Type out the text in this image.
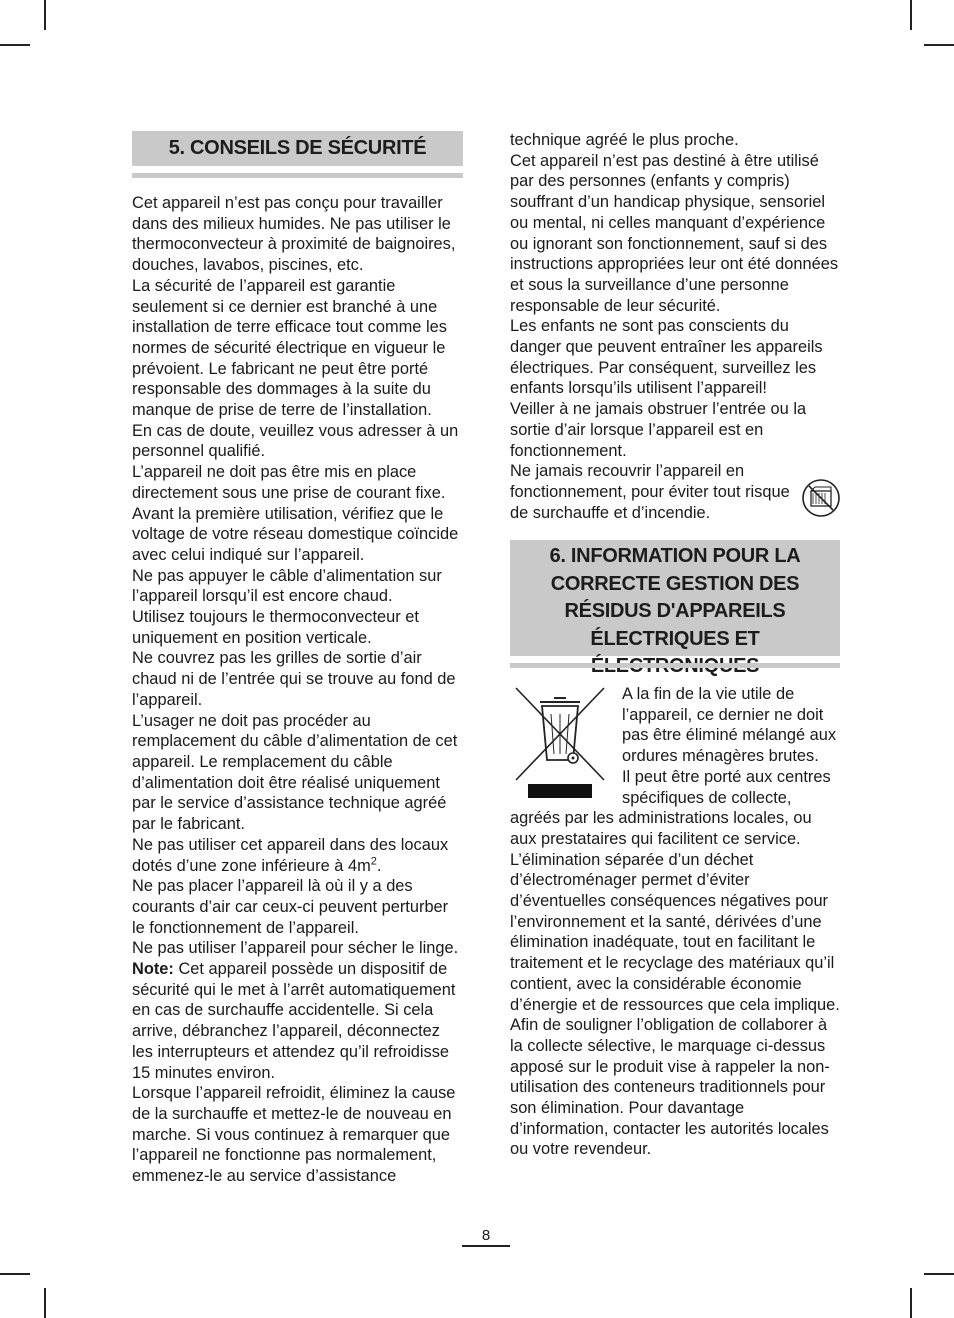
5. CONSEILS DE SÉCURITÉ

Cet appareil n’est pas conçu pour travailler dans des milieux humides. Ne pas utiliser le thermoconvecteur à proximité de baignoires, douches, lavabos, piscines, etc.

La sécurité de l’appareil est garantie seulement si ce dernier est branché à une installation de terre efficace tout comme les normes de sécurité électrique en vigueur le prévoient. Le fabricant ne peut être porté responsable des dommages à la suite du manque de prise de terre de l’installation.

En cas de doute, veuillez vous adresser à un personnel qualifié.

L’appareil ne doit pas être mis en place directement sous une prise de courant fixe.

Avant la première utilisation, vérifiez que le voltage de votre réseau domestique coïncide avec celui indiqué sur l’appareil.

Ne pas appuyer le câble d’alimentation sur l’appareil lorsqu’il est encore chaud.

Utilisez toujours le thermoconvecteur et uniquement en position verticale.

Ne couvrez pas les grilles de sortie d’air chaud ni de l’entrée qui se trouve au fond de l’appareil.

L’usager ne doit pas procéder au remplacement du câble d’alimentation de cet appareil. Le remplacement du câble d’alimentation doit être réalisé uniquement par le service d’assistance technique agréé par le fabricant.

Ne pas utiliser cet appareil dans des locaux dotés d’une zone inférieure à $4m^2$.

Ne pas placer l’appareil là où il y a des courants d’air car ceux-ci peuvent perturber le fonctionnement de l’appareil.

Ne pas utiliser l’appareil pour sécher le linge.

Note: Cet appareil possède un dispositif de sécurité qui le met à l’arrêt automatiquement en cas de surchauffe accidentelle. Si cela arrive, débranchez l’appareil, déconnectez les interrupteurs et attendez qu’il refroidisse 15 minutes environ.

Lorsque l’appareil refroidit, éliminez la cause de la surchauffe et mettez-le de nouveau en marche. Si vous continuez à remarquer que l’appareil ne fonctionne pas normalement, emmenez-le au service d’assistance

technique agréé le plus proche.

Cet appareil n’est pas destiné à être utilisé par des personnes (enfants y compris) souffrant d’un handicap physique, sensoriel ou mental, ni celles manquant d’expérience ou ignorant son fonctionnement, sauf si des instructions appropriées leur ont été données et sous la surveillance d’une personne responsable de leur sécurité.

Les enfants ne sont pas conscients du danger que peuvent entraîner les appareils électriques. Par conséquent, surveillez les enfants lorsqu’ils utilisent l’appareil!

Veiller à ne jamais obstruer l’entrée ou la sortie d’air lorsque l’appareil est en fonctionnement.

Ne jamais recouvrir l’appareil en fonctionnement, pour éviter tout risque de surchauffe et d’incendie.

6. INFORMATION POUR LA CORRECTE GESTION DES RÉSIDUS D'APPAREILS ÉLECTRIQUES ET

A la fin de la vie utile de l’appareil, ce dernier ne doit pas être éliminé mélangé aux ordures ménagères brutes.

Il peut être porté aux centres spécifiques de collecte, agréés par les administrations locales, ou aux prestataires qui facilitent ce service. L’élimination séparée d’un déchet d’électroménager permet d’éviter d’éventuelles conséquences négatives pour l’environnement et la santé, dérivées d’une élimination inadéquate, tout en facilitant le traitement et le recyclage des matériaux qu’il contient, avec la considérable économie d’énergie et de ressources que cela implique.

Afin de souligner l’obligation de collaborer à la collecte sélective, le marquage ci-dessus apposé sur le produit vise à rappeler la non-utilisation des conteneurs traditionnels pour son élimination. Pour davantage d’information, contacter les autorités locales ou votre revendeur.

8
